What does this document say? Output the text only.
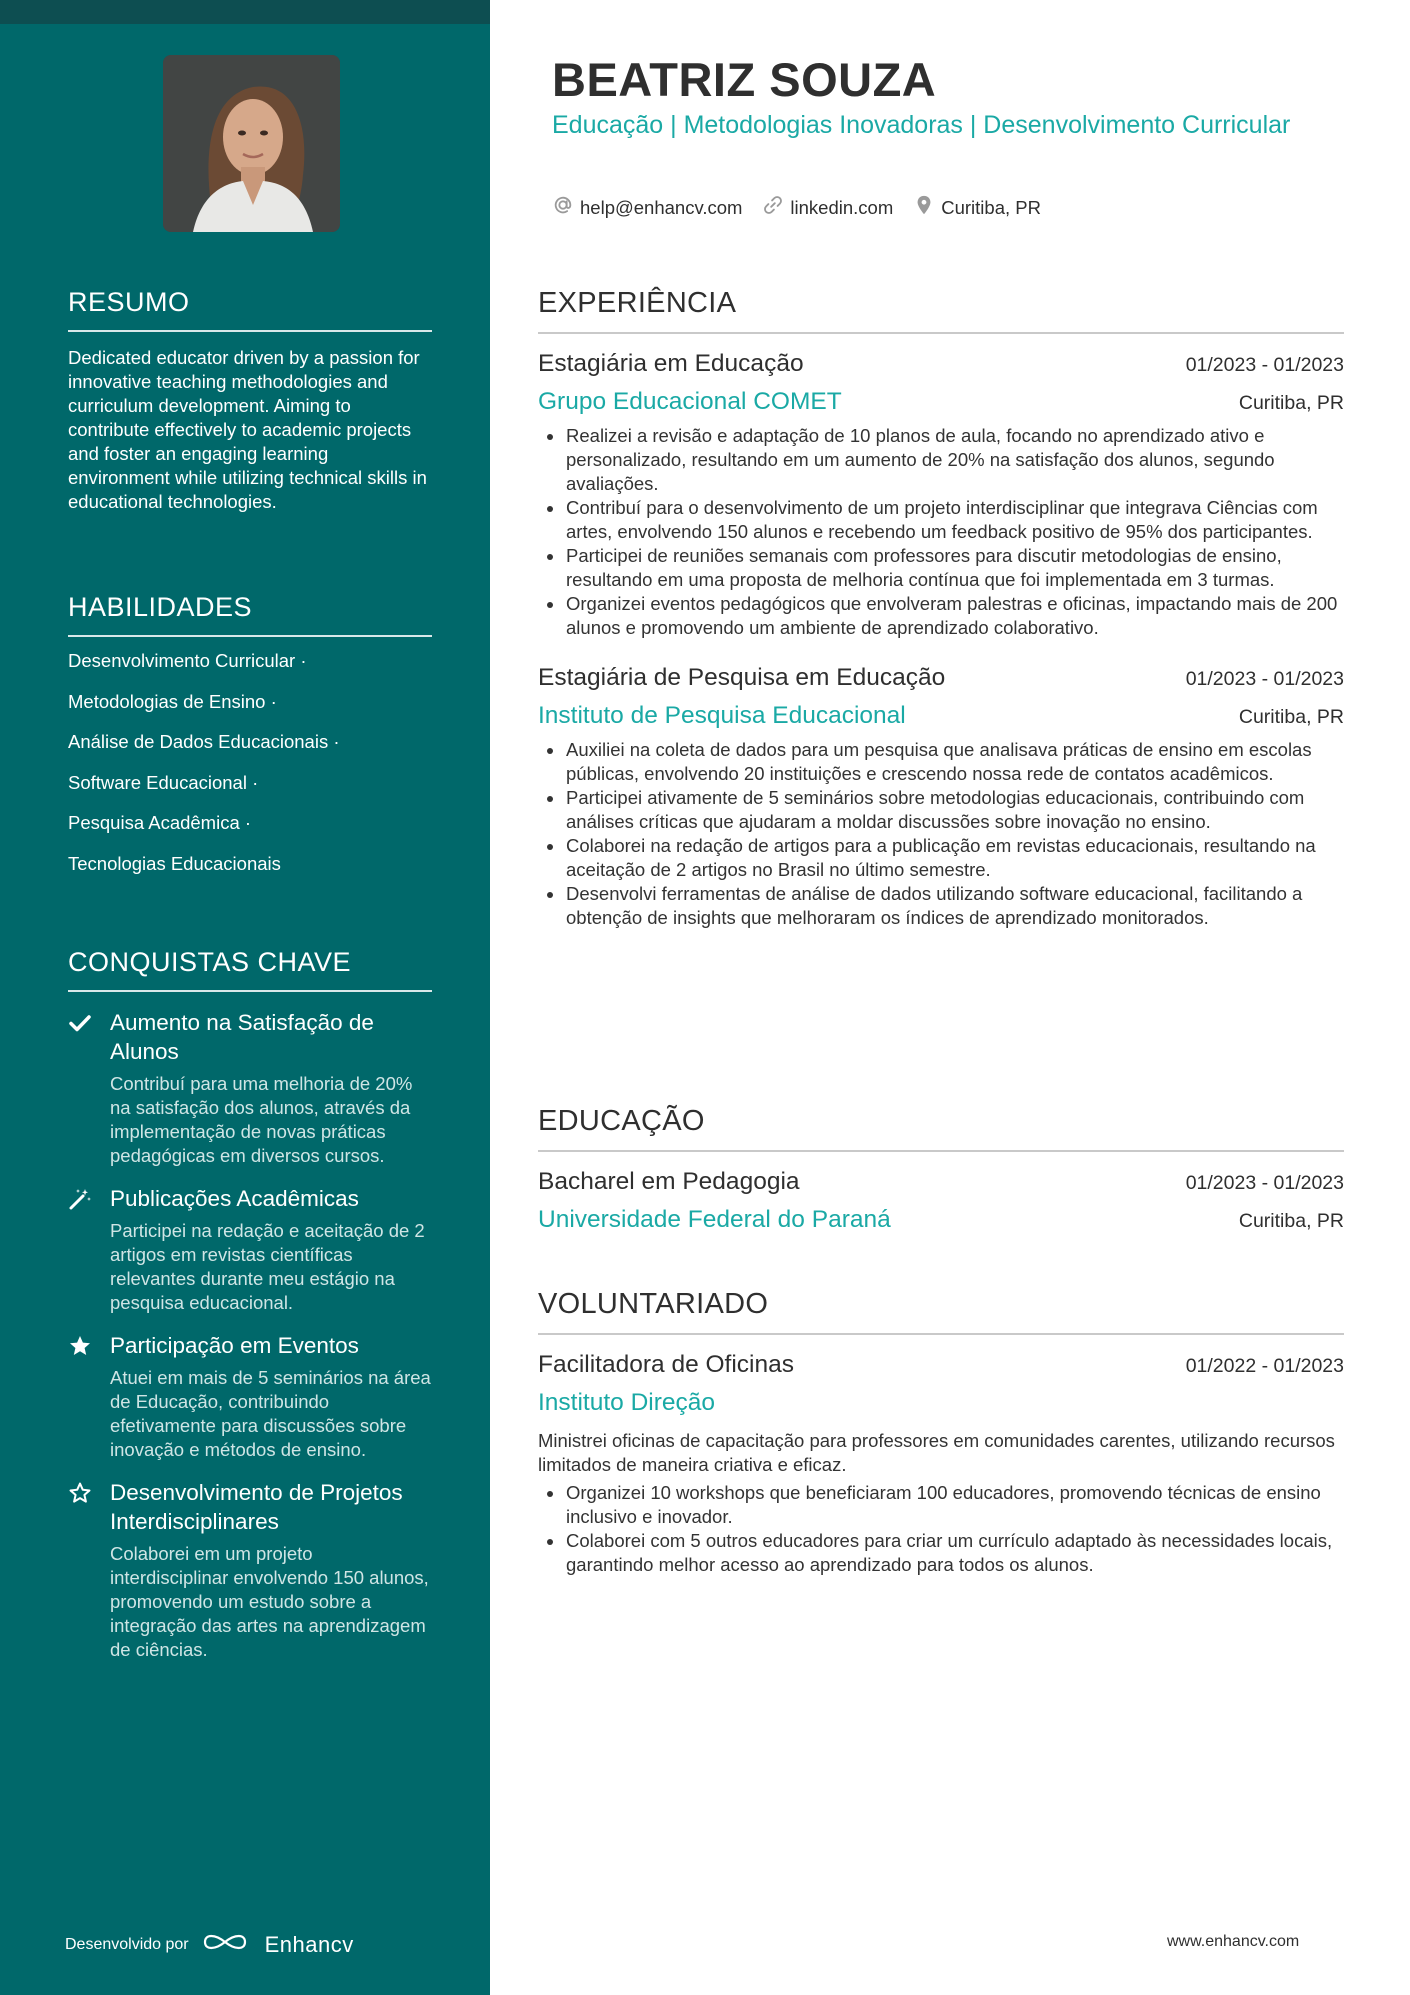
RESUMO

Dedicated educator driven by a passion for innovative teaching methodologies and curriculum development. Aiming to contribute effectively to academic projects and foster an engaging learning environment while utilizing technical skills in educational technologies.

HABILIDADES
Desenvolvimento Curricular ·
Metodologias de Ensino ·
Análise de Dados Educacionais ·
Software Educacional ·
Pesquisa Acadêmica ·
Tecnologias Educacionais
CONQUISTAS CHAVE
Aumento na Satisfação de Alunos
Contribuí para uma melhoria de 20% na satisfação dos alunos, através da implementação de novas práticas pedagógicas em diversos cursos.
Publicações Acadêmicas
Participei na redação e aceitação de 2 artigos em revistas científicas relevantes durante meu estágio na pesquisa educacional.
Participação em Eventos
Atuei em mais de 5 seminários na área de Educação, contribuindo efetivamente para discussões sobre inovação e métodos de ensino.
Desenvolvimento de Projetos Interdisciplinares
Colaborei em um projeto interdisciplinar envolvendo 150 alunos, promovendo um estudo sobre a integração das artes na aprendizagem de ciências.
Desenvolvido por	Enhancv
BEATRIZ SOUZA
Educação | Metodologias Inovadoras | Desenvolvimento Curricular
help@enhancv.com	linkedin.com	Curitiba, PR
EXPERIÊNCIA
Estagiária em Educação	01/2023 - 01/2023
Grupo Educacional COMET	Curitiba, PR
Realizei a revisão e adaptação de 10 planos de aula, focando no aprendizado ativo e personalizado, resultando em um aumento de 20% na satisfação dos alunos, segundo avaliações.
Contribuí para o desenvolvimento de um projeto interdisciplinar que integrava Ciências com artes, envolvendo 150 alunos e recebendo um feedback positivo de 95% dos participantes.
Participei de reuniões semanais com professores para discutir metodologias de ensino, resultando em uma proposta de melhoria contínua que foi implementada em 3 turmas.
Organizei eventos pedagógicos que envolveram palestras e oficinas, impactando mais de 200 alunos e promovendo um ambiente de aprendizado colaborativo.
Estagiária de Pesquisa em Educação	01/2023 - 01/2023
Instituto de Pesquisa Educacional	Curitiba, PR
Auxiliei na coleta de dados para um pesquisa que analisava práticas de ensino em escolas públicas, envolvendo 20 instituições e crescendo nossa rede de contatos acadêmicos.
Participei ativamente de 5 seminários sobre metodologias educacionais, contribuindo com análises críticas que ajudaram a moldar discussões sobre inovação no ensino.
Colaborei na redação de artigos para a publicação em revistas educacionais, resultando na aceitação de 2 artigos no Brasil no último semestre.
Desenvolvi ferramentas de análise de dados utilizando software educacional, facilitando a obtenção de insights que melhoraram os índices de aprendizado monitorados.
EDUCAÇÃO
Bacharel em Pedagogia	01/2023 - 01/2023
Universidade Federal do Paraná	Curitiba, PR
VOLUNTARIADO
Facilitadora de Oficinas	01/2022 - 01/2023
Instituto Direção

Ministrei oficinas de capacitação para professores em comunidades carentes, utilizando recursos limitados de maneira criativa e eficaz.

Organizei 10 workshops que beneficiaram 100 educadores, promovendo técnicas de ensino inclusivo e inovador.
Colaborei com 5 outros educadores para criar um currículo adaptado às necessidades locais, garantindo melhor acesso ao aprendizado para todos os alunos.
www.enhancv.com
